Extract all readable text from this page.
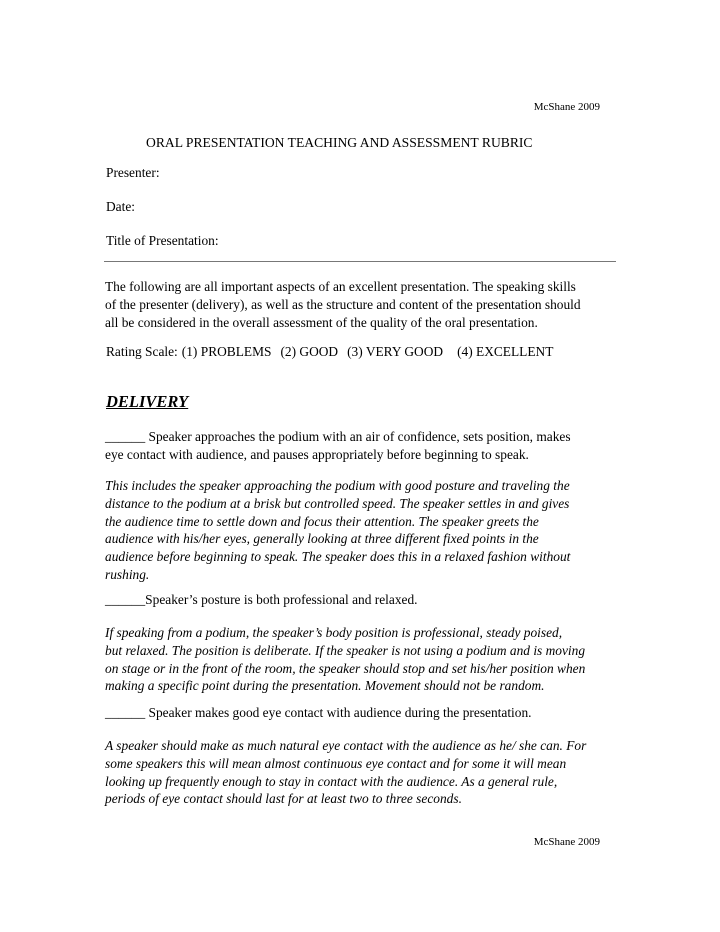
McShane 2009
ORAL PRESENTATION TEACHING AND ASSESSMENT RUBRIC
Presenter:
Date:
Title of Presentation:
The following are all important aspects of an excellent presentation. The speaking skills
of the presenter (delivery), as well as the structure and content of the presentation should
all be considered in the overall assessment of the quality of the oral presentation.
Rating Scale: (1) PROBLEMS (2) GOOD (3) VERY GOOD (4) EXCELLENT
DELIVERY
______ Speaker approaches the podium with an air of confidence, sets position, makes
eye contact with audience, and pauses appropriately before beginning to speak.
This includes the speaker approaching the podium with good posture and traveling the
distance to the podium at a brisk but controlled speed. The speaker settles in and gives
the audience time to settle down and focus their attention. The speaker greets the
audience with his/her eyes, generally looking at three different fixed points in the
audience before beginning to speak. The speaker does this in a relaxed fashion without
rushing.
______Speaker’s posture is both professional and relaxed.
If speaking from a podium, the speaker’s body position is professional, steady poised,
but relaxed. The position is deliberate. If the speaker is not using a podium and is moving
on stage or in the front of the room, the speaker should stop and set his/her position when
making a specific point during the presentation. Movement should not be random.
______ Speaker makes good eye contact with audience during the presentation.
A speaker should make as much natural eye contact with the audience as he/ she can. For
some speakers this will mean almost continuous eye contact and for some it will mean
looking up frequently enough to stay in contact with the audience. As a general rule,
periods of eye contact should last for at least two to three seconds.
McShane 2009
